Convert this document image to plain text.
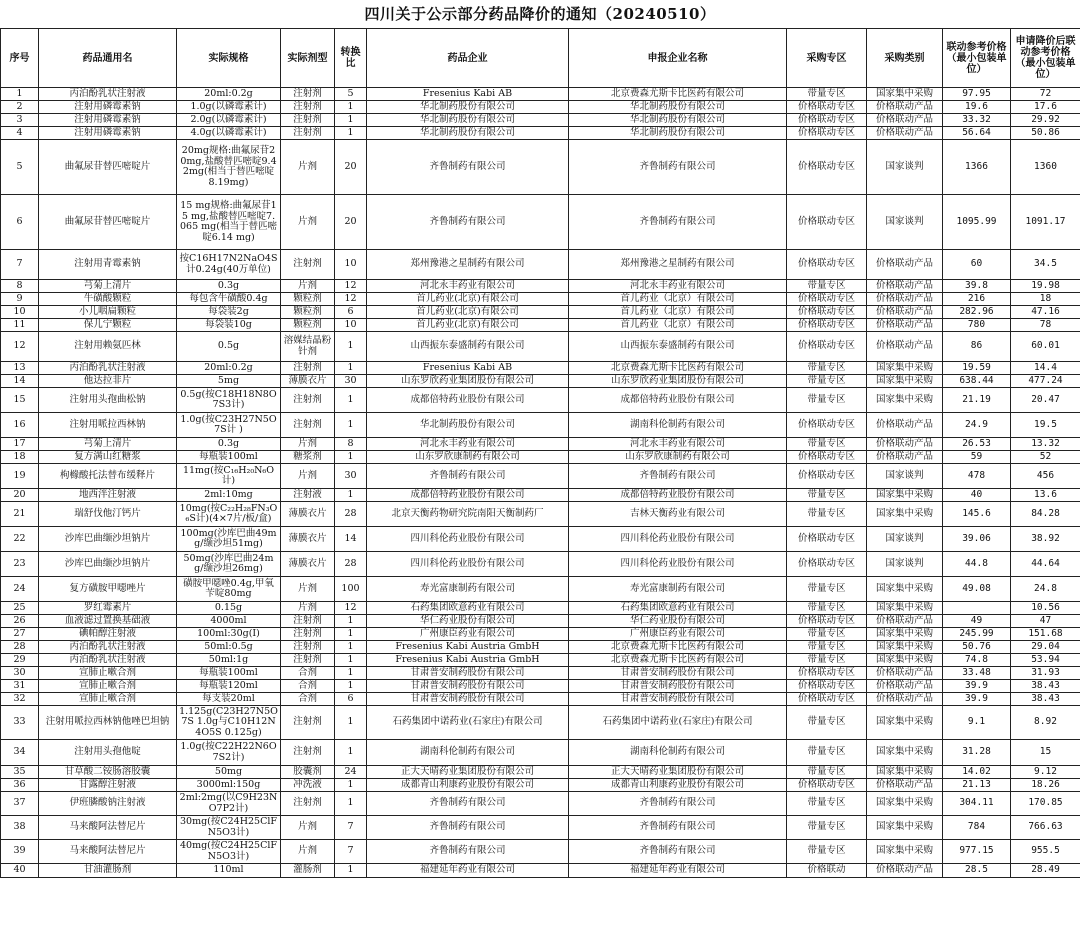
四川关于公示部分药品降价的通知（20240510）
序号	药品通用名	实际规格	实际剂型	转换比	药品企业	申报企业名称	采购专区	采购类别	联动参考价格（最小包装单位）	申请降价后联动参考价格（最小包装单位）
1	丙泊酚乳状注射液	20ml:0.2g	注射剂	5	Fresenius Kabi AB	北京费森尤斯卡比医药有限公司	带量专区	国家集中采购	97.95	72
2	注射用磷霉素钠	1.0g(以磷霉素计)	注射剂	1	华北制药股份有限公司	华北制药股份有限公司	价格联动专区	价格联动产品	19.6	17.6
3	注射用磷霉素钠	2.0g(以磷霉素计)	注射剂	1	华北制药股份有限公司	华北制药股份有限公司	价格联动专区	价格联动产品	33.32	29.92
4	注射用磷霉素钠	4.0g(以磷霉素计)	注射剂	1	华北制药股份有限公司	华北制药股份有限公司	价格联动专区	价格联动产品	56.64	50.86
5	曲氟尿苷替匹嘧啶片	20mg规格:曲氟尿苷20mg,盐酸替匹嘧啶9.42mg(相当于替匹嘧啶8.19mg)	片剂	20	齐鲁制药有限公司	齐鲁制药有限公司	价格联动专区	国家谈判	1366	1360
6	曲氟尿苷替匹嘧啶片	15 mg规格:曲氟尿苷15 mg,盐酸替匹嘧啶7.065 mg(相当于替匹嘧啶6.14 mg)	片剂	20	齐鲁制药有限公司	齐鲁制药有限公司	价格联动专区	国家谈判	1095.99	1091.17
7	注射用青霉素钠	按C16H17N2NaO4S计0.24g(40万单位)	注射剂	10	郑州豫港之星制药有限公司	郑州豫港之星制药有限公司	价格联动专区	价格联动产品	60	34.5
8	芎菊上清片	0.3g	片剂	12	河北永丰药业有限公司	河北永丰药业有限公司	带量专区	价格联动产品	39.8	19.98
9	牛磺酸颗粒	每包含牛磺酸0.4g	颗粒剂	12	首儿药业(北京)有限公司	首儿药业（北京）有限公司	价格联动专区	价格联动产品	216	18
10	小儿咽扁颗粒	每袋装2g	颗粒剂	6	首儿药业(北京)有限公司	首儿药业（北京）有限公司	价格联动专区	价格联动产品	282.96	47.16
11	保儿宁颗粒	每袋装10g	颗粒剂	10	首儿药业(北京)有限公司	首儿药业（北京）有限公司	价格联动专区	价格联动产品	780	78
12	注射用赖氨匹林	0.5g	溶媒结晶粉针剂	1	山西振东泰盛制药有限公司	山西振东泰盛制药有限公司	价格联动专区	价格联动产品	86	60.01
13	丙泊酚乳状注射液	20ml:0.2g	注射剂	1	Fresenius Kabi AB	北京费森尤斯卡比医药有限公司	带量专区	国家集中采购	19.59	14.4
14	他达拉非片	5mg	薄膜衣片	30	山东罗欣药业集团股份有限公司	山东罗欣药业集团股份有限公司	带量专区	国家集中采购	638.44	477.24
15	注射用头孢曲松钠	0.5g(按C18H18N8O7S3计)	注射剂	1	成都倍特药业股份有限公司	成都倍特药业股份有限公司	带量专区	国家集中采购	21.19	20.47
16	注射用哌拉西林钠	1.0g(按C23H27N5O7S计 )	注射剂	1	华北制药股份有限公司	湖南科伦制药有限公司	价格联动专区	价格联动产品	24.9	19.5
17	芎菊上清片	0.3g	片剂	8	河北永丰药业有限公司	河北永丰药业有限公司	带量专区	价格联动产品	26.53	13.32
18	复方满山红糖浆	每瓶装100ml	糖浆剂	1	山东罗欣康制药有限公司	山东罗欣康制药有限公司	价格联动专区	价格联动产品	59	52
19	枸橼酸托法替布缓释片	11mg(按C₁₆H₂₀N₆O计)	片剂	30	齐鲁制药有限公司	齐鲁制药有限公司	价格联动专区	国家谈判	478	456
20	地西泮注射液	2ml:10mg	注射液	1	成都倍特药业股份有限公司	成都倍特药业股份有限公司	带量专区	国家集中采购	40	13.6
21	瑞舒伐他汀钙片	10mg(按C₂₂H₂₈FN₃O₆S计)(4×7片/板/盒)	薄膜衣片	28	北京天衡药物研究院南阳天衡制药厂	吉林天衡药业有限公司	带量专区	国家集中采购	145.6	84.28
22	沙库巴曲缬沙坦钠片	100mg(沙库巴曲49mg/缬沙坦51mg)	薄膜衣片	14	四川科伦药业股份有限公司	四川科伦药业股份有限公司	价格联动专区	国家谈判	39.06	38.92
23	沙库巴曲缬沙坦钠片	50mg(沙库巴曲24mg/缬沙坦26mg)	薄膜衣片	28	四川科伦药业股份有限公司	四川科伦药业股份有限公司	价格联动专区	国家谈判	44.8	44.64
24	复方磺胺甲噁唑片	磺胺甲噁唑0.4g,甲氧苄啶80mg	片剂	100	寿光富康制药有限公司	寿光富康制药有限公司	带量专区	国家集中采购	49.08	24.8
25	罗红霉素片	0.15g	片剂	12	石药集团欧意药业有限公司	石药集团欧意药业有限公司	带量专区	国家集中采购		10.56
26	血液滤过置换基础液	4000ml	注射剂	1	华仁药业股份有限公司	华仁药业股份有限公司	价格联动专区	价格联动产品	49	47
27	碘帕醇注射液	100ml:30g(Ⅰ)	注射剂	1	广州康臣药业有限公司	广州康臣药业有限公司	带量专区	国家集中采购	245.99	151.68
28	丙泊酚乳状注射液	50ml:0.5g	注射剂	1	Fresenius Kabi Austria GmbH	北京费森尤斯卡比医药有限公司	带量专区	国家集中采购	50.76	29.04
29	丙泊酚乳状注射液	50ml:1g	注射剂	1	Fresenius Kabi Austria GmbH	北京费森尤斯卡比医药有限公司	带量专区	国家集中采购	74.8	53.94
30	宣肺止嗽合剂	每瓶装100ml	合剂	1	甘肃普安制药股份有限公司	甘肃普安制药股份有限公司	价格联动专区	价格联动产品	33.48	31.93
31	宣肺止嗽合剂	每瓶装120ml	合剂	1	甘肃普安制药股份有限公司	甘肃普安制药股份有限公司	价格联动专区	价格联动产品	39.9	38.43
32	宣肺止嗽合剂	每支装20ml	合剂	6	甘肃普安制药股份有限公司	甘肃普安制药股份有限公司	价格联动专区	价格联动产品	39.9	38.43
33	注射用哌拉西林钠他唑巴坦钠	1.125g(C23H27N5O7S 1.0g与C10H12N4O5S 0.125g)	注射剂	1	石药集团中诺药业(石家庄)有限公司	石药集团中诺药业(石家庄)有限公司	带量专区	国家集中采购	9.1	8.92
34	注射用头孢他啶	1.0g(按C22H22N6O7S2计)	注射剂	1	湖南科伦制药有限公司	湖南科伦制药有限公司	带量专区	国家集中采购	31.28	15
35	甘草酸二铵肠溶胶囊	50mg	胶囊剂	24	正大天晴药业集团股份有限公司	正大天晴药业集团股份有限公司	带量专区	国家集中采购	14.02	9.12
36	甘露醇注射液	3000ml:150g	冲洗液	1	成都青山利康药业股份有限公司	成都青山利康药业股份有限公司	价格联动专区	价格联动产品	21.13	18.26
37	伊班膦酸钠注射液	2ml:2mg(以C9H23NO7P2计)	注射剂	1	齐鲁制药有限公司	齐鲁制药有限公司	带量专区	国家集中采购	304.11	170.85
38	马来酸阿法替尼片	30mg(按C24H25ClFN5O3计)	片剂	7	齐鲁制药有限公司	齐鲁制药有限公司	带量专区	国家集中采购	784	766.63
39	马来酸阿法替尼片	40mg(按C24H25ClFN5O3计)	片剂	7	齐鲁制药有限公司	齐鲁制药有限公司	带量专区	国家集中采购	977.15	955.5
40	甘油灌肠剂	110ml	灌肠剂	1	福建延年药业有限公司	福建延年药业有限公司	价格联动	价格联动产品	28.5	28.49
